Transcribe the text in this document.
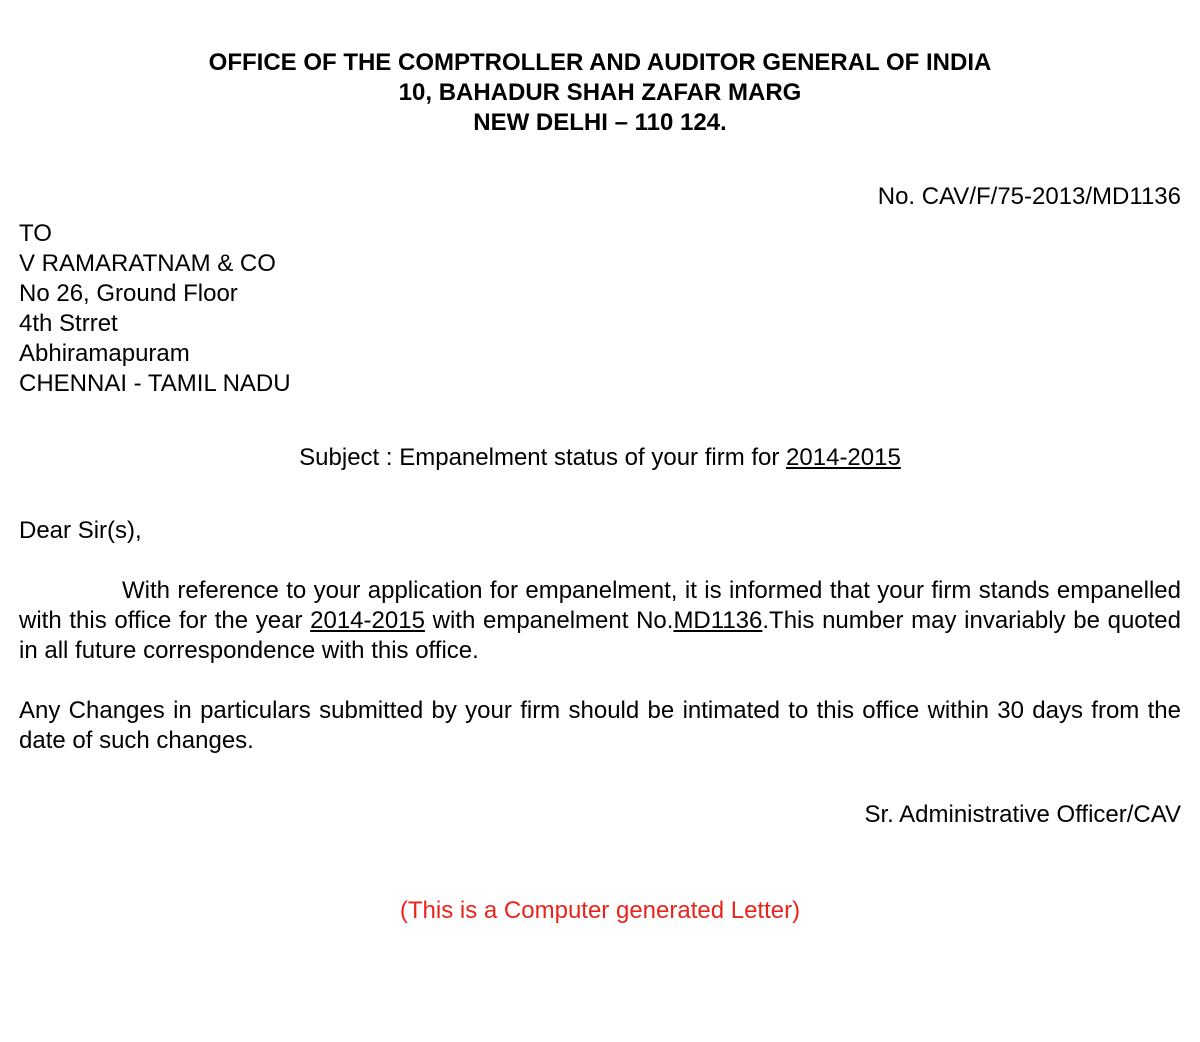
OFFICE OF THE COMPTROLLER AND AUDITOR GENERAL OF INDIA
10, BAHADUR SHAH ZAFAR MARG
NEW DELHI – 110 124.
No. CAV/F/75-2013/MD1136
TO
V RAMARATNAM & CO
No 26, Ground Floor
4th Strret
Abhiramapuram
CHENNAI - TAMIL NADU
Subject : Empanelment status of your firm for 2014-2015
Dear Sir(s),
With reference to your application for empanelment, it is informed that your firm stands empanelled with this office for the year 2014-2015 with empanelment No.MD1136.This number may invariably be quoted in all future correspondence with this office.
Any Changes in particulars submitted by your firm should be intimated to this office within 30 days from the date of such changes.
Sr. Administrative Officer/CAV
(This is a Computer generated Letter)
